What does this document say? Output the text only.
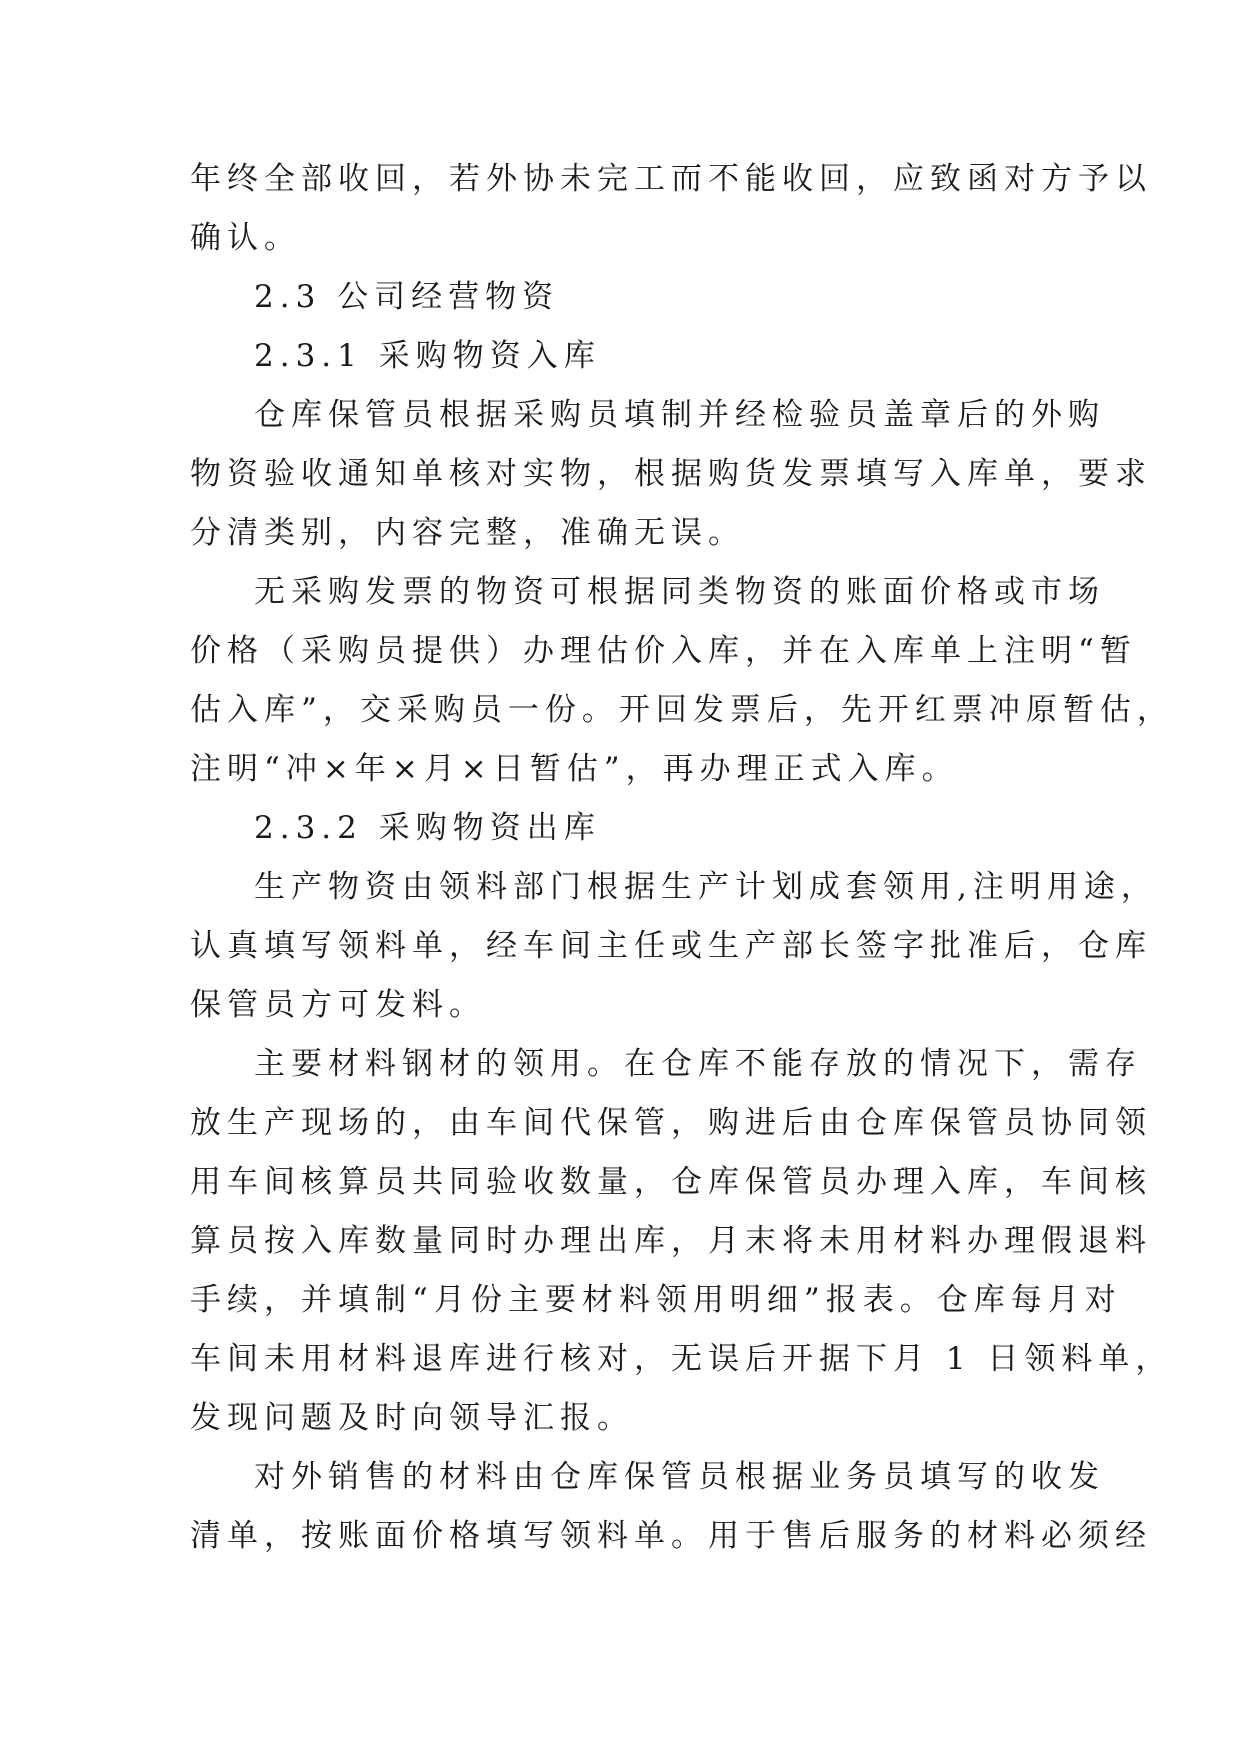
年终全部收回，若外协未完工而不能收回，应致函对方予以
确认。
2.3 公司经营物资
2.3.1 采购物资入库
仓库保管员根据采购员填制并经检验员盖章后的外购
物资验收通知单核对实物，根据购货发票填写入库单，要求
分清类别，内容完整，准确无误。
无采购发票的物资可根据同类物资的账面价格或市场
价格（采购员提供）办理估价入库，并在入库单上注明“暂
估入库”，交采购员一份。开回发票后，先开红票冲原暂估，
注明“冲×年×月×日暂估”，再办理正式入库。
2.3.2 采购物资出库
生产物资由领料部门根据生产计划成套领用,注明用途，
认真填写领料单，经车间主任或生产部长签字批准后，仓库
保管员方可发料。
主要材料钢材的领用。在仓库不能存放的情况下，需存
放生产现场的，由车间代保管，购进后由仓库保管员协同领
用车间核算员共同验收数量，仓库保管员办理入库，车间核
算员按入库数量同时办理出库，月末将未用材料办理假退料
手续，并填制“月份主要材料领用明细”报表。仓库每月对
车间未用材料退库进行核对，无误后开据下月 1 日领料单，
发现问题及时向领导汇报。
对外销售的材料由仓库保管员根据业务员填写的收发
清单，按账面价格填写领料单。用于售后服务的材料必须经
